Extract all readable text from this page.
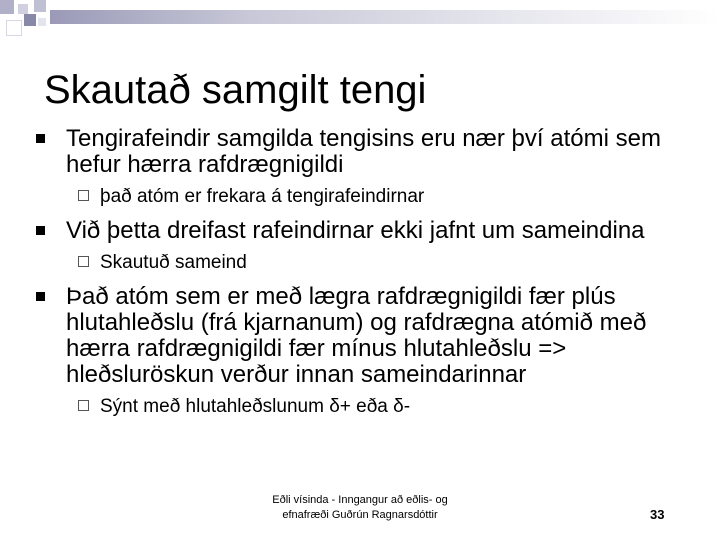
Skautað samgilt tengi
Tengirafeindir samgilda tengisins eru nær því atómi sem hefur hærra rafdrægnigildi
það atóm er frekara á tengirafeindirnar
Við þetta dreifast rafeindirnar ekki jafnt um sameindina
Skautuð sameind
Það atóm sem er með lægra rafdrægnigildi fær plús hlutahleðslu (frá kjarnanum) og rafdrægna atómið með hærra rafdrægnigildi fær mínus hlutahleðslu => hleðsluröskun verður innan sameindarinnar
Sýnt með hlutahleðslunum δ+ eða δ-
Eðli vísinda - Inngangur að eðlis- og
efnafræði Guðrún Ragnarsdóttir	33
